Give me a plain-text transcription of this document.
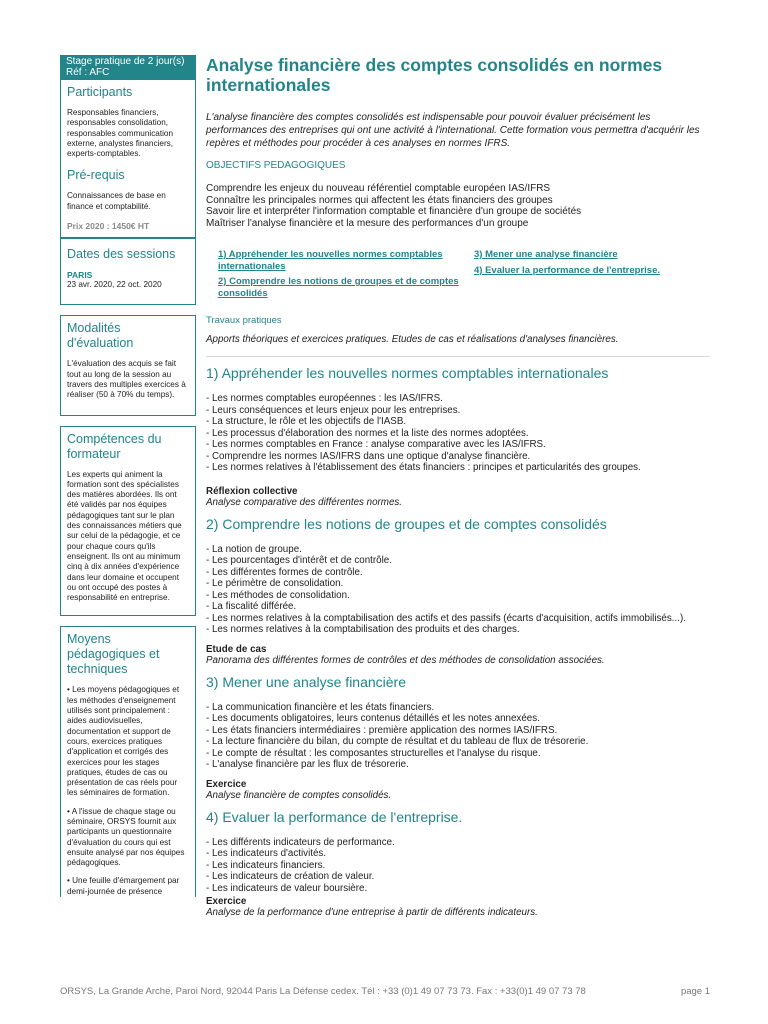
Stage pratique de 2 jour(s)
Réf : AFC
Participants
Responsables financiers, responsables consolidation, responsables communication externe, analystes financiers, experts-comptables.
Pré-requis
Connaissances de base en finance et comptabilité.
Prix 2020 : 1450€ HT
Dates des sessions
PARIS
23 avr. 2020, 22 oct. 2020
Modalités d'évaluation
L'évaluation des acquis se fait tout au long de la session au travers des multiples exercices à réaliser (50 à 70% du temps).
Compétences du formateur
Les experts qui animent la formation sont des spécialistes des matières abordées. Ils ont été validés par nos équipes pédagogiques tant sur le plan des connaissances métiers que sur celui de la pédagogie, et ce pour chaque cours qu'ils enseignent. Ils ont au minimum cinq à dix années d'expérience dans leur domaine et occupent ou ont occupé des postes à responsabilité en entreprise.
Moyens pédagogiques et techniques
• Les moyens pédagogiques et les méthodes d'enseignement utilisés sont principalement : aides audiovisuelles, documentation et support de cours, exercices pratiques d'application et corrigés des exercices pour les stages pratiques, études de cas ou présentation de cas réels pour les séminaires de formation.
• A l'issue de chaque stage ou séminaire, ORSYS fournit aux participants un questionnaire d'évaluation du cours qui est ensuite analysé par nos équipes pédagogiques.
• Une feuille d'émargement par demi-journée de présence
Analyse financière des comptes consolidés en normes internationales
L'analyse financière des comptes consolidés est indispensable pour pouvoir évaluer précisément les performances des entreprises qui ont une activité à l'international. Cette formation vous permettra d'acquérir les repères et méthodes pour procéder à ces analyses en normes IFRS.
OBJECTIFS PEDAGOGIQUES
Comprendre les enjeux du nouveau référentiel comptable européen IAS/IFRS
Connaître les principales normes qui affectent les états financiers des groupes
Savoir lire et interpréter l'information comptable et financière d'un groupe de sociétés
Maîtriser l'analyse financière et la mesure des performances d'un groupe
1) Appréhender les nouvelles normes comptables internationales
2) Comprendre les notions de groupes et de comptes consolidés
3) Mener une analyse financière
4) Evaluer la performance de l'entreprise.
Travaux pratiques
Apports théoriques et exercices pratiques. Etudes de cas et réalisations d'analyses financières.
1) Appréhender les nouvelles normes comptables internationales
- Les normes comptables européennes : les IAS/IFRS.
- Leurs conséquences et leurs enjeux pour les entreprises.
- La structure, le rôle et les objectifs de l'IASB.
- Les processus d'élaboration des normes et la liste des normes adoptées.
- Les normes comptables en France : analyse comparative avec les IAS/IFRS.
- Comprendre les normes IAS/IFRS dans une optique d'analyse financière.
- Les normes relatives à l'établissement des états financiers : principes et particularités des groupes.
Réflexion collective
Analyse comparative des différentes normes.
2) Comprendre les notions de groupes et de comptes consolidés
- La notion de groupe.
- Les pourcentages d'intérêt et de contrôle.
- Les différentes formes de contrôle.
- Le périmètre de consolidation.
- Les méthodes de consolidation.
- La fiscalité différée.
- Les normes relatives à la comptabilisation des actifs et des passifs (écarts d'acquisition, actifs immobilisés...).
- Les normes relatives à la comptabilisation des produits et des charges.
Etude de cas
Panorama des différentes formes de contrôles et des méthodes de consolidation associées.
3) Mener une analyse financière
- La communication financière et les états financiers.
- Les documents obligatoires, leurs contenus détaillés et les notes annexées.
- Les états financiers intermédiaires : première application des normes IAS/IFRS.
- La lecture financière du bilan, du compte de résultat et du tableau de flux de trésorerie.
- Le compte de résultat : les composantes structurelles et l'analyse du risque.
- L'analyse financière par les flux de trésorerie.
Exercice
Analyse financière de comptes consolidés.
4) Evaluer la performance de l'entreprise.
- Les différents indicateurs de performance.
- Les indicateurs d'activités.
- Les indicateurs financiers.
- Les indicateurs de création de valeur.
- Les indicateurs de valeur boursière.
Exercice
Analyse de la performance d'une entreprise à partir de différents indicateurs.
ORSYS, La Grande Arche, Paroi Nord, 92044 Paris La Défense cedex. Tél : +33 (0)1 49 07 73 73. Fax : +33(0)1 49 07 73 78	page 1
